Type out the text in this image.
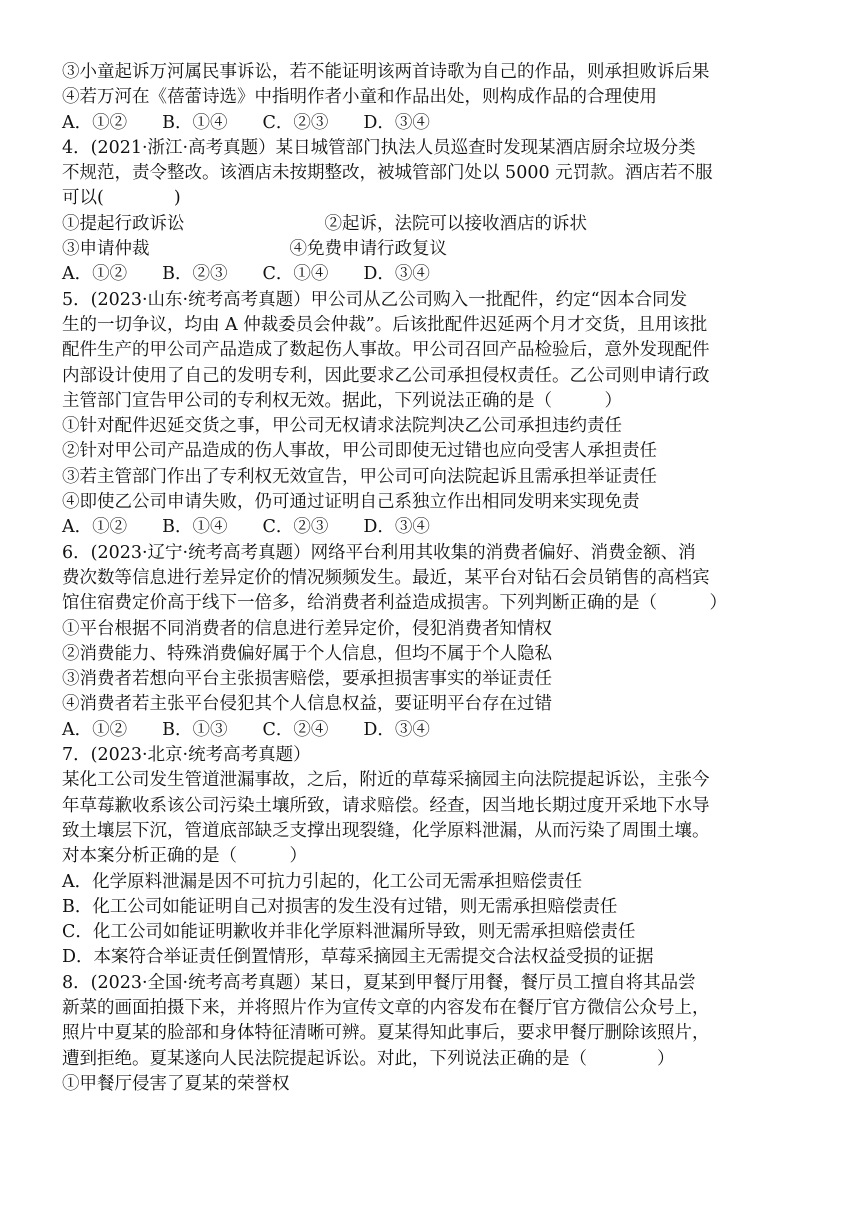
③小童起诉万河属民事诉讼，若不能证明该两首诗歌为自己的作品，则承担败诉后果
④若万河在《蓓蕾诗选》中指明作者小童和作品出处，则构成作品的合理使用
A．①②　　B．①④　　C．②③　　D．③④
4．(2021·浙江·高考真题）某日城管部门执法人员巡查时发现某酒店厨余垃圾分类
不规范，责令整改。该酒店未按期整改，被城管部门处以 5000 元罚款。酒店若不服
可以(　　　　)
①提起行政诉讼　　　　　　　　②起诉，法院可以接收酒店的诉状
③申请仲裁　　　　　　　　④免费申请行政复议
A．①②　　B．②③　　C．①④　　D．③④
5．(2023·山东·统考高考真题）甲公司从乙公司购入一批配件，约定“因本合同发
生的一切争议，均由 A 仲裁委员会仲裁”。后该批配件迟延两个月才交货，且用该批
配件生产的甲公司产品造成了数起伤人事故。甲公司召回产品检验后，意外发现配件
内部设计使用了自己的发明专利，因此要求乙公司承担侵权责任。乙公司则申请行政
主管部门宣告甲公司的专利权无效。据此，下列说法正确的是（　　　）
①针对配件迟延交货之事，甲公司无权请求法院判决乙公司承担违约责任
②针对甲公司产品造成的伤人事故，甲公司即使无过错也应向受害人承担责任
③若主管部门作出了专利权无效宣告，甲公司可向法院起诉且需承担举证责任
④即使乙公司申请失败，仍可通过证明自己系独立作出相同发明来实现免责
A．①②　　B．①④　　C．②③　　D．③④
6．(2023·辽宁·统考高考真题）网络平台利用其收集的消费者偏好、消费金额、消
费次数等信息进行差异定价的情况频频发生。最近，某平台对钻石会员销售的高档宾
馆住宿费定价高于线下一倍多，给消费者利益造成损害。下列判断正确的是（　　　）
①平台根据不同消费者的信息进行差异定价，侵犯消费者知情权
②消费能力、特殊消费偏好属于个人信息，但均不属于个人隐私
③消费者若想向平台主张损害赔偿，要承担损害事实的举证责任
④消费者若主张平台侵犯其个人信息权益，要证明平台存在过错
A．①②　　B．①③　　C．②④　　D．③④
7．(2023·北京·统考高考真题）
某化工公司发生管道泄漏事故，之后，附近的草莓采摘园主向法院提起诉讼，主张今
年草莓歉收系该公司污染土壤所致，请求赔偿。经查，因当地长期过度开采地下水导
致土壤层下沉，管道底部缺乏支撑出现裂缝，化学原料泄漏，从而污染了周围土壤。
对本案分析正确的是（　　　）
A．化学原料泄漏是因不可抗力引起的，化工公司无需承担赔偿责任
B．化工公司如能证明自己对损害的发生没有过错，则无需承担赔偿责任
C．化工公司如能证明歉收并非化学原料泄漏所导致，则无需承担赔偿责任
D．本案符合举证责任倒置情形，草莓采摘园主无需提交合法权益受损的证据
8．(2023·全国·统考高考真题）某日，夏某到甲餐厅用餐，餐厅员工擅自将其品尝
新菜的画面拍摄下来，并将照片作为宣传文章的内容发布在餐厅官方微信公众号上，
照片中夏某的脸部和身体特征清晰可辨。夏某得知此事后，要求甲餐厅删除该照片，
遭到拒绝。夏某遂向人民法院提起诉讼。对此，下列说法正确的是（　　　　）
①甲餐厅侵害了夏某的荣誉权
